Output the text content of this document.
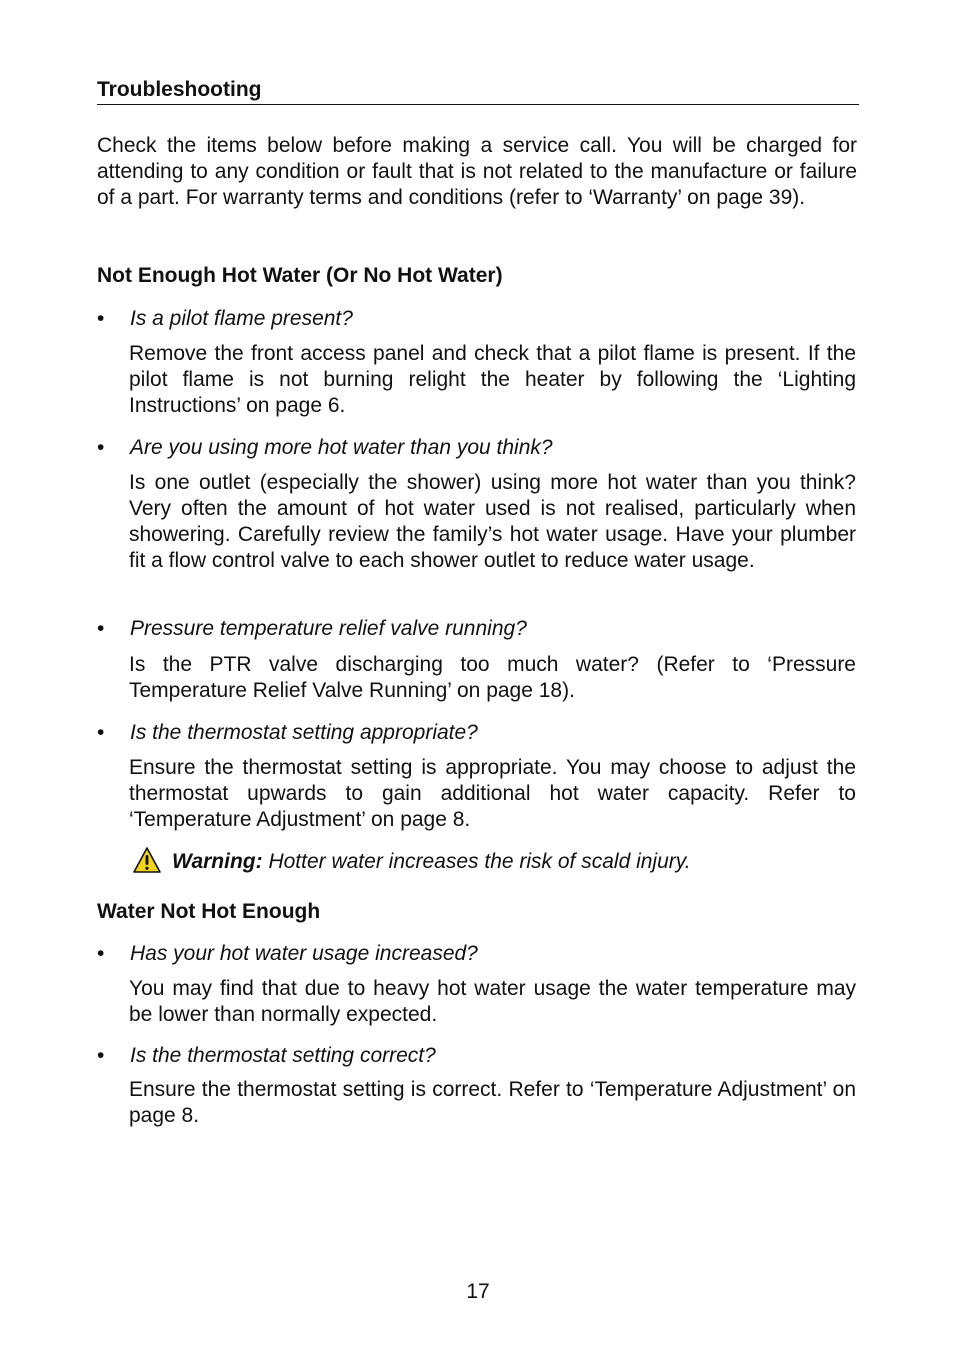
Troubleshooting

Check the items below before making a service call. You will be charged for attending to any condition or fault that is not related to the manufacture or failure of a part. For warranty terms and conditions (refer to ‘Warranty’ on page 39).

Not Enough Hot Water (Or No Hot Water)
• Is a pilot flame present?

Remove the front access panel and check that a pilot flame is present. If the pilot flame is not burning relight the heater by following the ‘Lighting Instructions’ on page 6.

• Are you using more hot water than you think?

Is one outlet (especially the shower) using more hot water than you think? Very often the amount of hot water used is not realised, particularly when showering. Carefully review the family’s hot water usage. Have your plumber fit a flow control valve to each shower outlet to reduce water usage.

• Pressure temperature relief valve running?

Is the PTR valve discharging too much water? (Refer to ‘Pressure Temperature Relief Valve Running’ on page 18).

• Is the thermostat setting appropriate?

Ensure the thermostat setting is appropriate. You may choose to adjust the thermostat upwards to gain additional hot water capacity. Refer to ‘Temperature Adjustment’ on page 8.

Warning: Hotter water increases the risk of scald injury.
Water Not Hot Enough
• Has your hot water usage increased?

You may find that due to heavy hot water usage the water temperature may be lower than normally expected.

• Is the thermostat setting correct?

Ensure the thermostat setting is correct. Refer to ‘Temperature Adjustment’ on page 8.

17
